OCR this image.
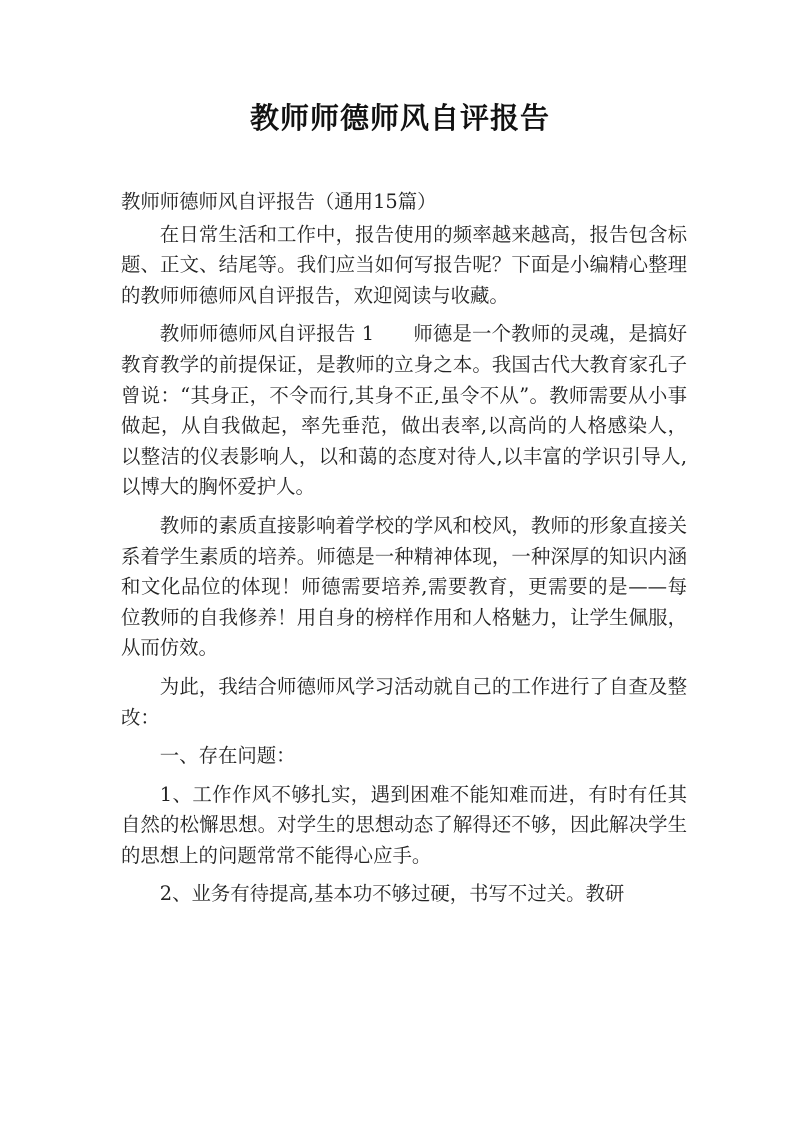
教师师德师风自评报告

教师师德师风自评报告（通用15篇）

在日常生活和工作中，报告使用的频率越来越高，报告包含标题、正文、结尾等。我们应当如何写报告呢？下面是小编精心整理的教师师德师风自评报告，欢迎阅读与收藏。

教师师德师风自评报告 1　　师德是一个教师的灵魂，是搞好教育教学的前提保证，是教师的立身之本。我国古代大教育家孔子曾说：“其身正，不令而行,其身不正,虽令不从”。教师需要从小事做起，从自我做起，率先垂范，做出表率,以高尚的人格感染人，以整洁的仪表影响人，以和蔼的态度对待人,以丰富的学识引导人,以博大的胸怀爱护人。

教师的素质直接影响着学校的学风和校风，教师的形象直接关系着学生素质的培养。师德是一种精神体现，一种深厚的知识内涵和文化品位的体现！师德需要培养,需要教育，更需要的是——每位教师的自我修养！用自身的榜样作用和人格魅力，让学生佩服，从而仿效。

为此，我结合师德师风学习活动就自己的工作进行了自查及整改：

一、存在问题：

1、工作作风不够扎实，遇到困难不能知难而进，有时有任其自然的松懈思想。对学生的思想动态了解得还不够，因此解决学生的思想上的问题常常不能得心应手。

2、业务有待提高,基本功不够过硬，书写不过关。教研
